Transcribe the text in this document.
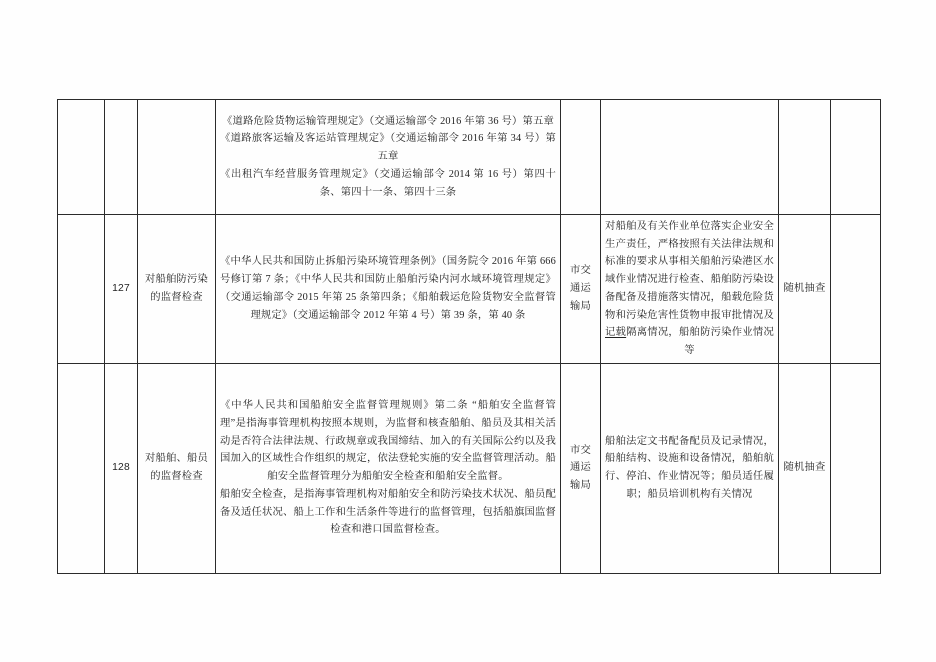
			《道路危险货物运输管理规定》（交通运输部令 2016 年第 36 号）第五章

《道路旅客运输及客运站管理规定》（交通运输部令 2016 年第 34 号）第五章

《出租汽车经营服务管理规定》（交通运输部令 2014 第 16 号）第四十条、第四十一条、第四十三条				

	127	对船舶防污染的监督检查	《中华人民共和国防止拆船污染环境管理条例》（国务院令 2016 年第 666 号修订第 7 条；《中华人民共和国防止船舶污染内河水域环境管理规定》（交通运输部令 2015 年第 25 条第四条；《船舶载运危险货物安全监督管理规定》（交通运输部令 2012 年第 4 号）第 39 条，第 40 条	市交通运输局	对船舶及有关作业单位落实企业安全生产责任，严格按照有关法律法规和标准的要求从事相关船舶污染港区水域作业情况进行检查、船舶防污染设备配备及措施落实情况，船载危险货物和污染危害性货物申报审批情况及记载隔离情况，船舶防污染作业情况等	随机抽查	
	128	对船舶、船员的监督检查	《中华人民共和国船舶安全监督管理规则》第二条 “船舶安全监督管理”是指海事管理机构按照本规则，为监督和核查船舶、船员及其相关活动是否符合法律法规、行政规章或我国缔结、加入的有关国际公约以及我国加入的区域性合作组织的规定，依法登轮实施的安全监督管理活动。船舶安全监督管理分为船舶安全检查和船舶安全监督。

船舶安全检查，是指海事管理机构对船舶安全和防污染技术状况、船员配备及适任状况、船上工作和生活条件等进行的监督管理，包括船旗国监督检查和港口国监督检查。	市交通运输局	船舶法定文书配备配员及记录情况，船舶结构、设施和设备情况，船舶航行、停泊、作业情况等；船员适任履职；船员培训机构有关情况	随机抽查	
